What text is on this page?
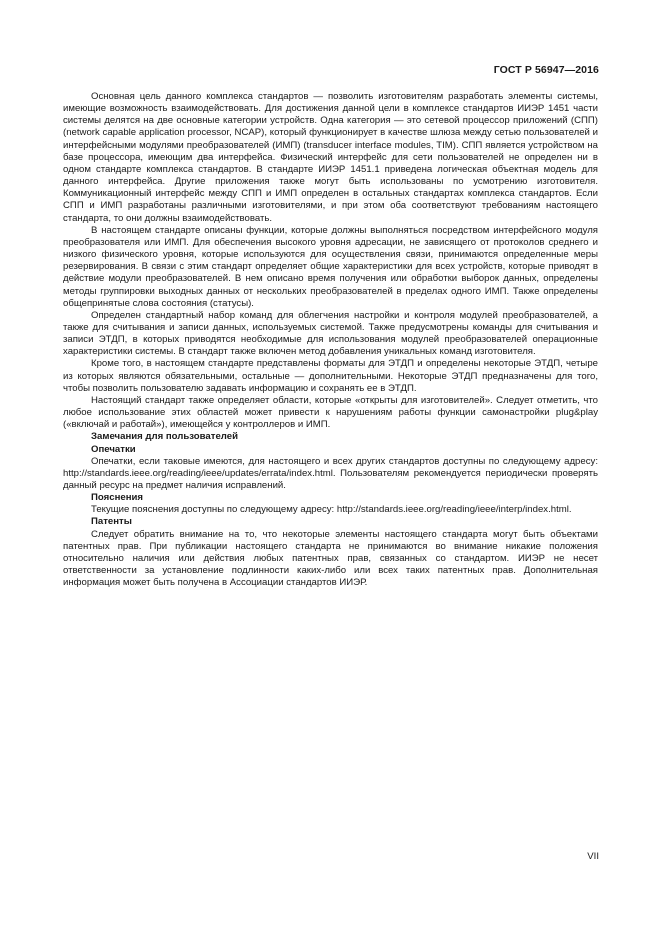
ГОСТ Р 56947—2016

Основная цель данного комплекса стандартов — позволить изготовителям разработать элементы системы, имеющие возможность взаимодействовать. Для достижения данной цели в комплексе стандартов ИИЭР 1451 части системы делятся на две основные категории устройств. Одна категория — это сетевой процессор приложений (СПП) (network capable application processor, NCAP), который функционирует в качестве шлюза между сетью пользователей и интерфейсными модулями преобразователей (ИМП) (transducer interface modules, TIM). СПП является устройством на базе процессора, имеющим два интерфейса. Физический интерфейс для сети пользователей не определен ни в одном стандарте комплекса стандартов. В стандарте ИИЭР 1451.1 приведена логическая объектная модель для данного интерфейса. Другие приложения также могут быть использованы по усмотрению изготовителя. Коммуникационный интерфейс между СПП и ИМП определен в остальных стандартах комплекса стандартов. Если СПП и ИМП разработаны различными изготовителями, и при этом оба соответствуют требованиям настоящего стандарта, то они должны взаимодействовать.

В настоящем стандарте описаны функции, которые должны выполняться посредством интерфейсного модуля преобразователя или ИМП. Для обеспечения высокого уровня адресации, не зависящего от протоколов среднего и низкого физического уровня, которые используются для осуществления связи, принимаются определенные меры резервирования. В связи с этим стандарт определяет общие характеристики для всех устройств, которые приводят в действие модули преобразователей. В нем описано время получения или обработки выборок данных, определены методы группировки выходных данных от нескольких преобразователей в пределах одного ИМП. Также определены общепринятые слова состояния (статусы).

Определен стандартный набор команд для облегчения настройки и контроля модулей преобразователей, а также для считывания и записи данных, используемых системой. Также предусмотрены команды для считывания и записи ЭТДП, в которых приводятся необходимые для использования модулей преобразователей операционные характеристики системы. В стандарт также включен метод добавления уникальных команд изготовителя.

Кроме того, в настоящем стандарте представлены форматы для ЭТДП и определены некоторые ЭТДП, четыре из которых являются обязательными, остальные — дополнительными. Некоторые ЭТДП предназначены для того, чтобы позволить пользователю задавать информацию и сохранять ее в ЭТДП.

Настоящий стандарт также определяет области, которые «открыты для изготовителей». Следует отметить, что любое использование этих областей может привести к нарушениям работы функции самонастройки plug&play («включай и работай»), имеющейся у контроллеров и ИМП.

Замечания для пользователей
Опечатки

Опечатки, если таковые имеются, для настоящего и всех других стандартов доступны по следующему адресу: http://standards.ieee.org/reading/ieee/updates/errata/index.html. Пользователям рекомендуется периодически проверять данный ресурс на предмет наличия исправлений.

Пояснения

Текущие пояснения доступны по следующему адресу: http://standards.ieee.org/reading/ieee/interp/index.html.

Патенты

Следует обратить внимание на то, что некоторые элементы настоящего стандарта могут быть объектами патентных прав. При публикации настоящего стандарта не принимаются во внимание никакие положения относительно наличия или действия любых патентных прав, связанных со стандартом. ИИЭР не несет ответственности за установление подлинности каких-либо или всех таких патентных прав. Дополнительная информация может быть получена в Ассоциации стандартов ИИЭР.

VII
